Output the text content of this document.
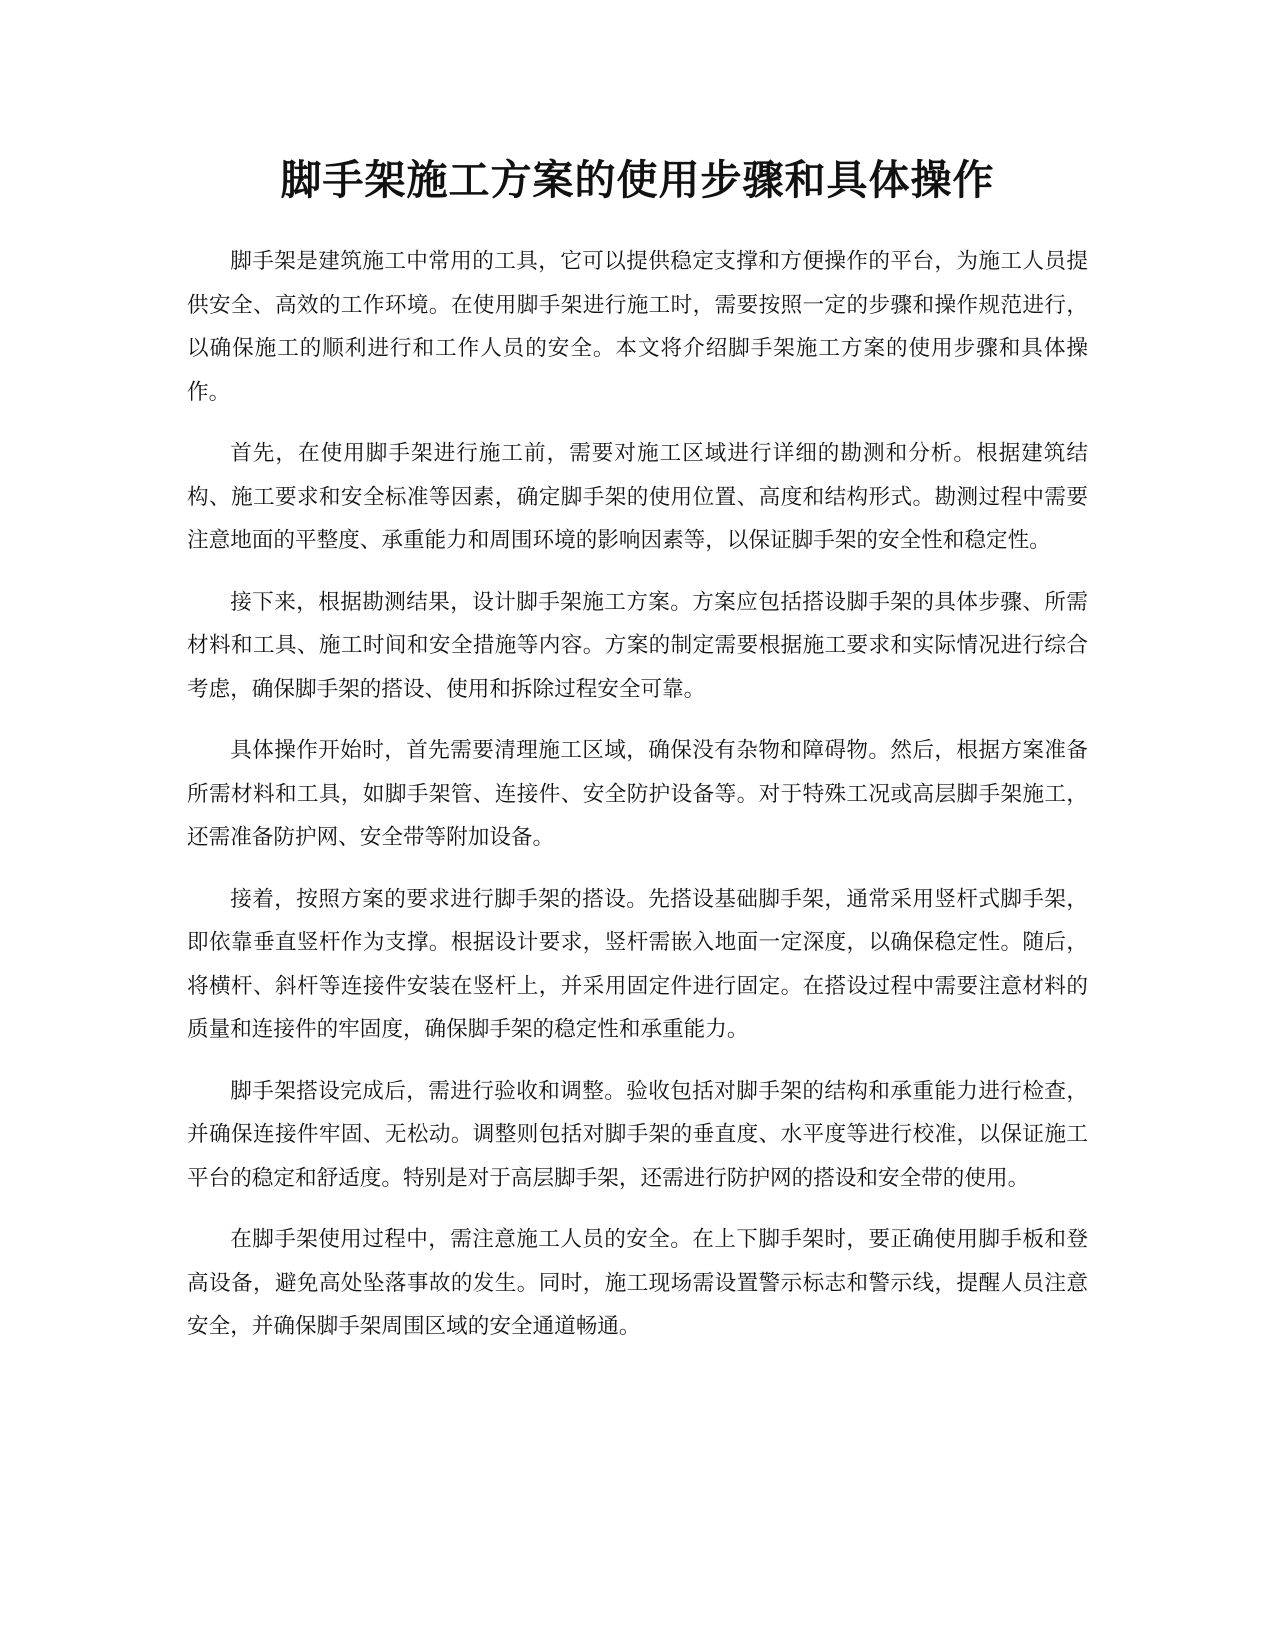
脚手架施工方案的使用步骤和具体操作

脚手架是建筑施工中常用的工具，它可以提供稳定支撑和方便操作的平台，为施工人员提供安全、高效的工作环境。在使用脚手架进行施工时，需要按照一定的步骤和操作规范进行，以确保施工的顺利进行和工作人员的安全。本文将介绍脚手架施工方案的使用步骤和具体操作。

首先，在使用脚手架进行施工前，需要对施工区域进行详细的勘测和分析。根据建筑结构、施工要求和安全标准等因素，确定脚手架的使用位置、高度和结构形式。勘测过程中需要注意地面的平整度、承重能力和周围环境的影响因素等，以保证脚手架的安全性和稳定性。

接下来，根据勘测结果，设计脚手架施工方案。方案应包括搭设脚手架的具体步骤、所需材料和工具、施工时间和安全措施等内容。方案的制定需要根据施工要求和实际情况进行综合考虑，确保脚手架的搭设、使用和拆除过程安全可靠。

具体操作开始时，首先需要清理施工区域，确保没有杂物和障碍物。然后，根据方案准备所需材料和工具，如脚手架管、连接件、安全防护设备等。对于特殊工况或高层脚手架施工，还需准备防护网、安全带等附加设备。

接着，按照方案的要求进行脚手架的搭设。先搭设基础脚手架，通常采用竖杆式脚手架，即依靠垂直竖杆作为支撑。根据设计要求，竖杆需嵌入地面一定深度，以确保稳定性。随后，将横杆、斜杆等连接件安装在竖杆上，并采用固定件进行固定。在搭设过程中需要注意材料的质量和连接件的牢固度，确保脚手架的稳定性和承重能力。

脚手架搭设完成后，需进行验收和调整。验收包括对脚手架的结构和承重能力进行检查，并确保连接件牢固、无松动。调整则包括对脚手架的垂直度、水平度等进行校准，以保证施工平台的稳定和舒适度。特别是对于高层脚手架，还需进行防护网的搭设和安全带的使用。

在脚手架使用过程中，需注意施工人员的安全。在上下脚手架时，要正确使用脚手板和登高设备，避免高处坠落事故的发生。同时，施工现场需设置警示标志和警示线，提醒人员注意安全，并确保脚手架周围区域的安全通道畅通。
